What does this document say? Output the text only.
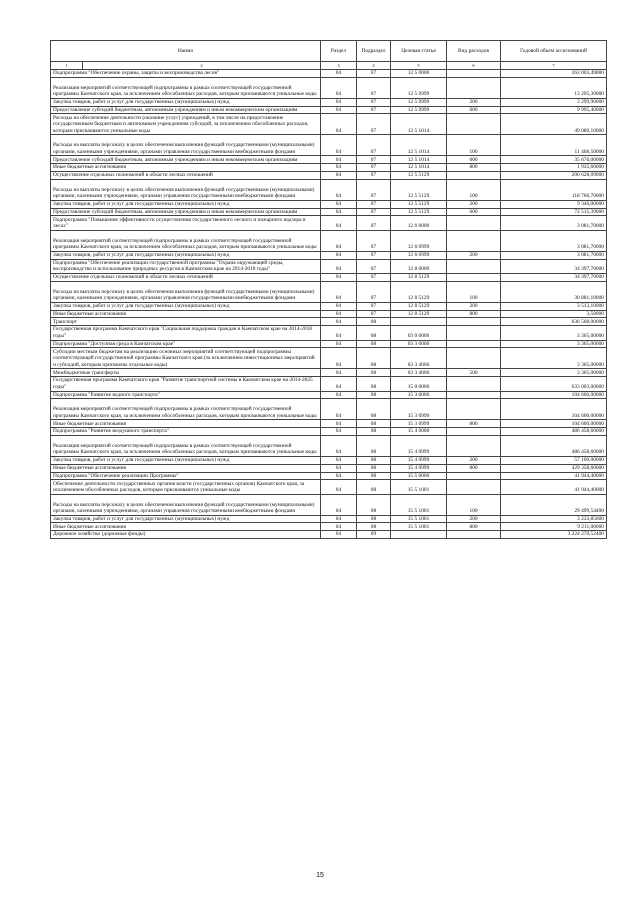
Наимо		Раздел	Подраздел	Целевая статья	Вид расходов	Годовой объем ассигнований
1	2	3	4	5	6	7
Подпрограмма "Обеспечение охраны, защиты и воспроизводства лесов"		04	07	12 5 0000		263 003,49000
Реализация мероприятий соответствующей подпрограммы в рамках соответствующей государственной программы Камчатского края, за исключением обособленных расходов, которым присваиваются уникальные коды		04	07	12 5 0999		13 295,30000
Закупка товаров, работ и услуг для государственных (муниципальных) нужд		04	07	12 5 0999	200	3 299,90000
Предоставление субсидий бюджетным, автономным учреждениям и иным некоммерческим организациям		04	07	12 5 0999	600	9 995,40000
Расходы на обеспечение деятельности (оказание услуг) учреждений, в том числе на предоставление государственным бюджетным и автономным учреждениям субсидий, за исключением обособленных расходов, которым присваиваются уникальные коды		04	07	12 5 1014		49 080,10000
Расходы на выплаты персоналу в целях обеспечения выполнения функций государственными (муниципальными) органами, казенными учреждениями, органами управления государственными внебюджетными фондами		04	07	12 5 1014	100	11 468,50000
Предоставление субсидий бюджетным, автономным учреждениям и иным некоммерческим организациям		04	07	12 5 1014	600	35 676,00000
Иные бюджетные ассигнования		04	07	12 5 1014	800	1 935,60000
Осуществление отдельных полномочий в области лесных отношений		04	07	12 5 5129		200 628,09000
Расходы на выплаты персоналу в целях обеспечения выполнения функций государственными (муниципальными) органами, казенными учреждениями, органами управления государственными внебюджетными фондами		04	07	12 5 5129	100	118 766,70000
Закупка товаров, работ и услуг для государственных (муниципальных) нужд		04	07	12 5 5129	200	9 346,00000
Предоставление субсидий бюджетным, автономным учреждениям и иным некоммерческим организациям		04	07	12 5 5129	600	72 515,39000
Подпрограмма "Повышение эффективности осуществления государственного лесного и пожарного надзора в лесах"		04	07	12 6 0000		3 081,70000
Реализация мероприятий соответствующей подпрограммы в рамках соответствующей государственной программы Камчатского края, за исключением обособленных расходов, которым присваиваются уникальные коды		04	07	12 6 0999		3 081,70000
Закупка товаров, работ и услуг для государственных (муниципальных) нужд		04	07	12 6 0999	200	3 081,70000
Подпрограмма "Обеспечение реализации государственной программы "Охрана окружающей среды, воспроизводство и использование природных ресурсов в Камчатском крае на 2014-2018 годы"		04	07	12 8 0000		34 397,70000
Осуществление отдельных полномочий в области лесных отношений		04	07	12 8 5129		34 397,70000
Расходы на выплаты персоналу в целях обеспечения выполнения функций государственными (муниципальными) органами, казенными учреждениями, органами управления государственными внебюджетными фондами		04	07	12 8 5129	100	30 881,10000
Закупка товаров, работ и услуг для государственных (муниципальных) нужд		04	07	12 8 5129	200	3 513,10000
Иные бюджетные ассигнования		04	07	12 8 5129	800	3,50000
Транспорт		04	08			636 568,00000
Государственная программа Камчатского края "Социальная поддержка граждан в Камчатском крае на 2014-2018 годы"		04	08	03 0 0000		3 365,00000
Подпрограмма "Доступная среда в Камчатском крае"		04	08	03 3 0000		3 365,00000
Субсидии местным бюджетам на реализацию основных мероприятий соответствующей подпрограммы соответствующей государственной программы Камчатского края (за исключением инвестиционных мероприятий и субсидий, которым присвоены отдельные коды)		04	08	03 3 4006		3 365,00000
Межбюджетные трансферты		04	08	03 3 4006	500	3 365,00000
Государственная программа Камчатского края "Развитие транспортной системы в Камчатском крае на 2014-2025 годы"		04	08	15 0 0000		633 003,00000
Подпрограмма "Развитие водного транспорта"		04	08	15 3 0000		104 600,00000
Реализация мероприятий соответствующей подпрограммы в рамках соответствующей государственной программы Камчатского края, за исключением обособленных расходов, которым присваиваются уникальные коды		04	08	15 3 0999		104 600,00000
Иные бюджетные ассигнования		04	08	15 3 0999	800	104 600,00000
Подпрограмма "Развитие воздушного транспорта"		04	08	15 4 0000		486 458,60000
Реализация мероприятий соответствующей подпрограммы в рамках соответствующей государственной программы Камчатского края, за исключением обособленных расходов, которым присваиваются уникальные коды		04	08	15 4 0999		486 458,60000
Закупка товаров, работ и услуг для государственных (муниципальных) нужд		04	08	15 4 0999	200	57 100,00000
Иные бюджетные ассигнования		04	08	15 4 0999	800	429 358,60000
Подпрограмма "Обеспечение реализации Программы"		04	08	15 5 0000		41 944,40000
Обеспечение деятельности государственных органов власти (государственных органов) Камчатского края, за исключением обособленных расходов, которым присваиваются уникальные коды		04	08	15 5 1001		41 944,40000
Расходы на выплаты персоналу в целях обеспечения выполнения функций государственными (муниципальными) органами, казенными учреждениями, органами управления государственными внебюджетными фондами		04	08	15 5 1001	100	29 499,54400
Закупка товаров, работ и услуг для государственных (муниципальных) нужд		04	08	15 5 1001	200	3 233,85600
Иные бюджетные ассигнования		04	08	15 5 1001	800	9 211,00000
Дорожное хозяйство (дорожные фонды)		04	09			3 224 270,52400
15
